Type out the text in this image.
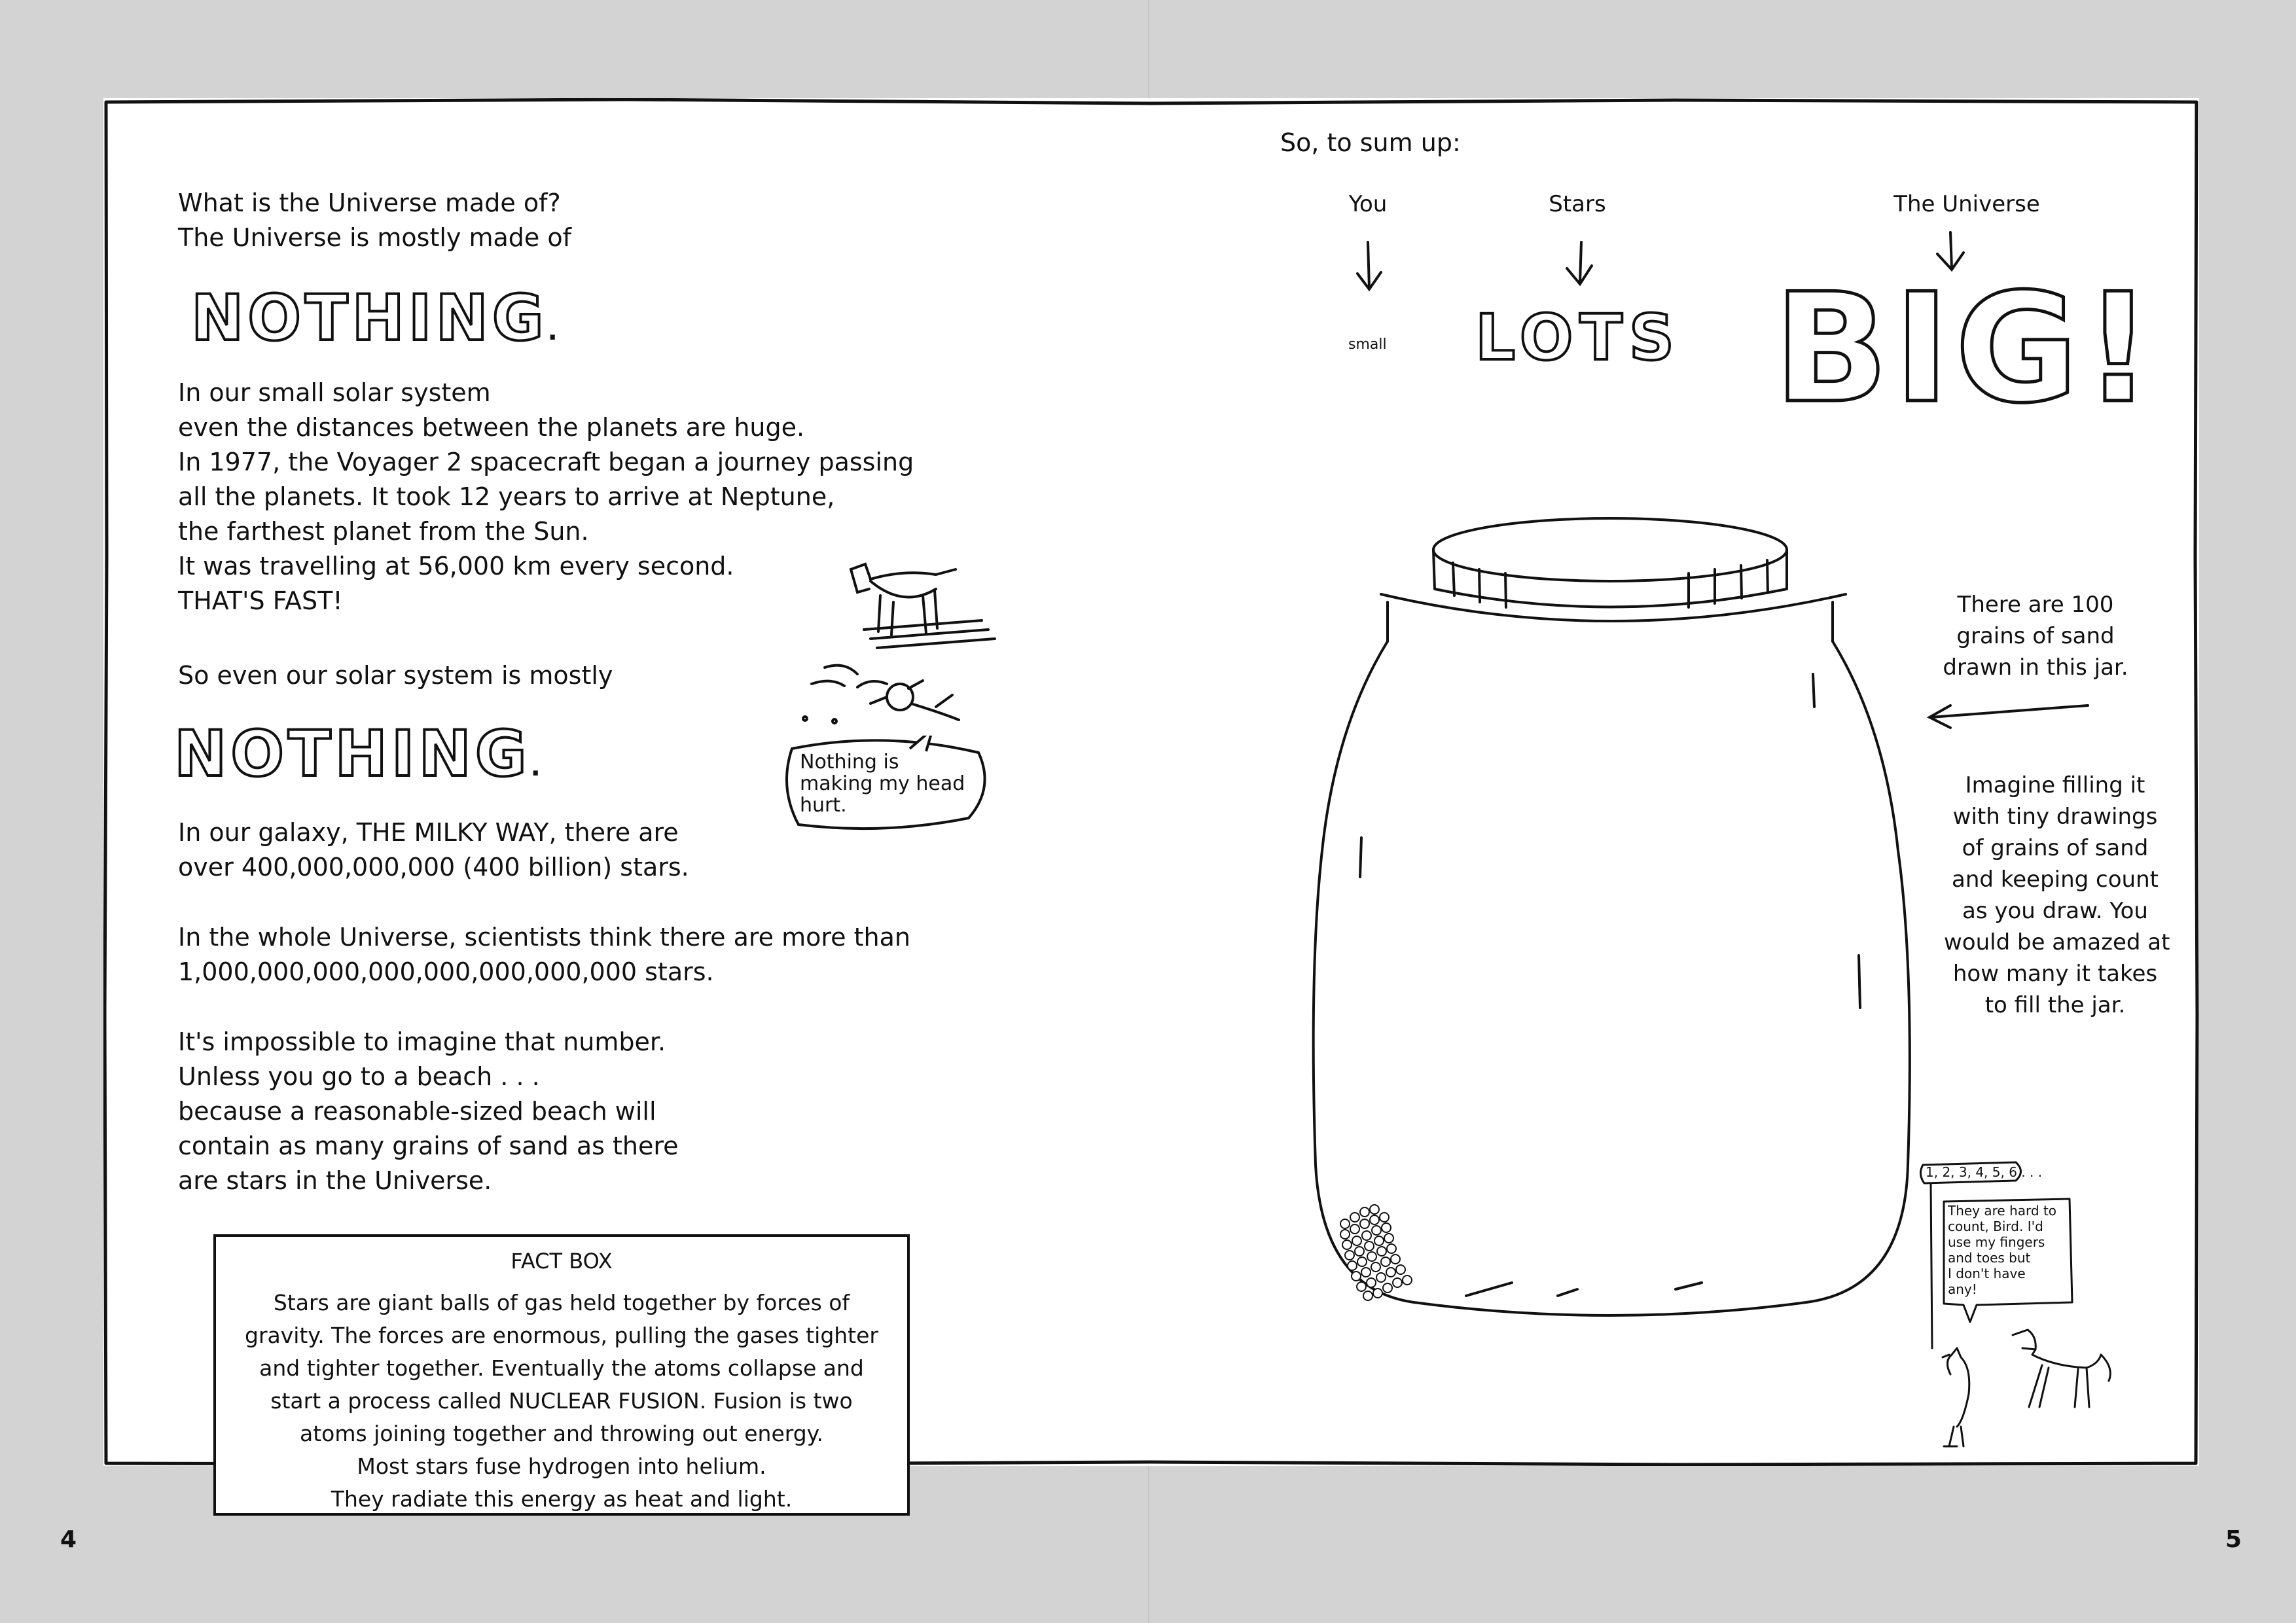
What is the Universe made of?
The Universe is mostly made of
NOTHING.
In our small solar system
even the distances between the planets are huge.
In 1977, the Voyager 2 spacecraft began a journey passing
all the planets. It took 12 years to arrive at Neptune,
the farthest planet from the Sun.
It was travelling at 56,000 km every second.
THAT'S FAST!
So even our solar system is mostly
NOTHING.
In our galaxy, THE MILKY WAY, there are
over 400,000,000,000 (400 billion) stars.
In the whole Universe, scientists think there are more than
1,000,000,000,000,000,000,000,000 stars.
It's impossible to imagine that number.
Unless you go to a beach . . .
because a reasonable-sized beach will
contain as many grains of sand as there
are stars in the Universe.
Nothing is
making my head
hurt.
FACT BOX
Stars are giant balls of gas held together by forces of
gravity. The forces are enormous, pulling the gases tighter
and tighter together. Eventually the atoms collapse and
start a process called NUCLEAR FUSION. Fusion is two
atoms joining together and throwing out energy.
Most stars fuse hydrogen into helium.
They radiate this energy as heat and light.
4
So, to sum up:
You	Stars	The Universe
small LOTS BIG!
There are 100
grains of sand
drawn in this jar.
Imagine filling it
with tiny drawings
of grains of sand
and keeping count
as you draw. You
would be amazed at
how many it takes
to fill the jar.
1, 2, 3, 4, 5, 6 . . .
They are hard to
count, Bird. I'd
use my fingers
and toes but
I don't have
any!
5
